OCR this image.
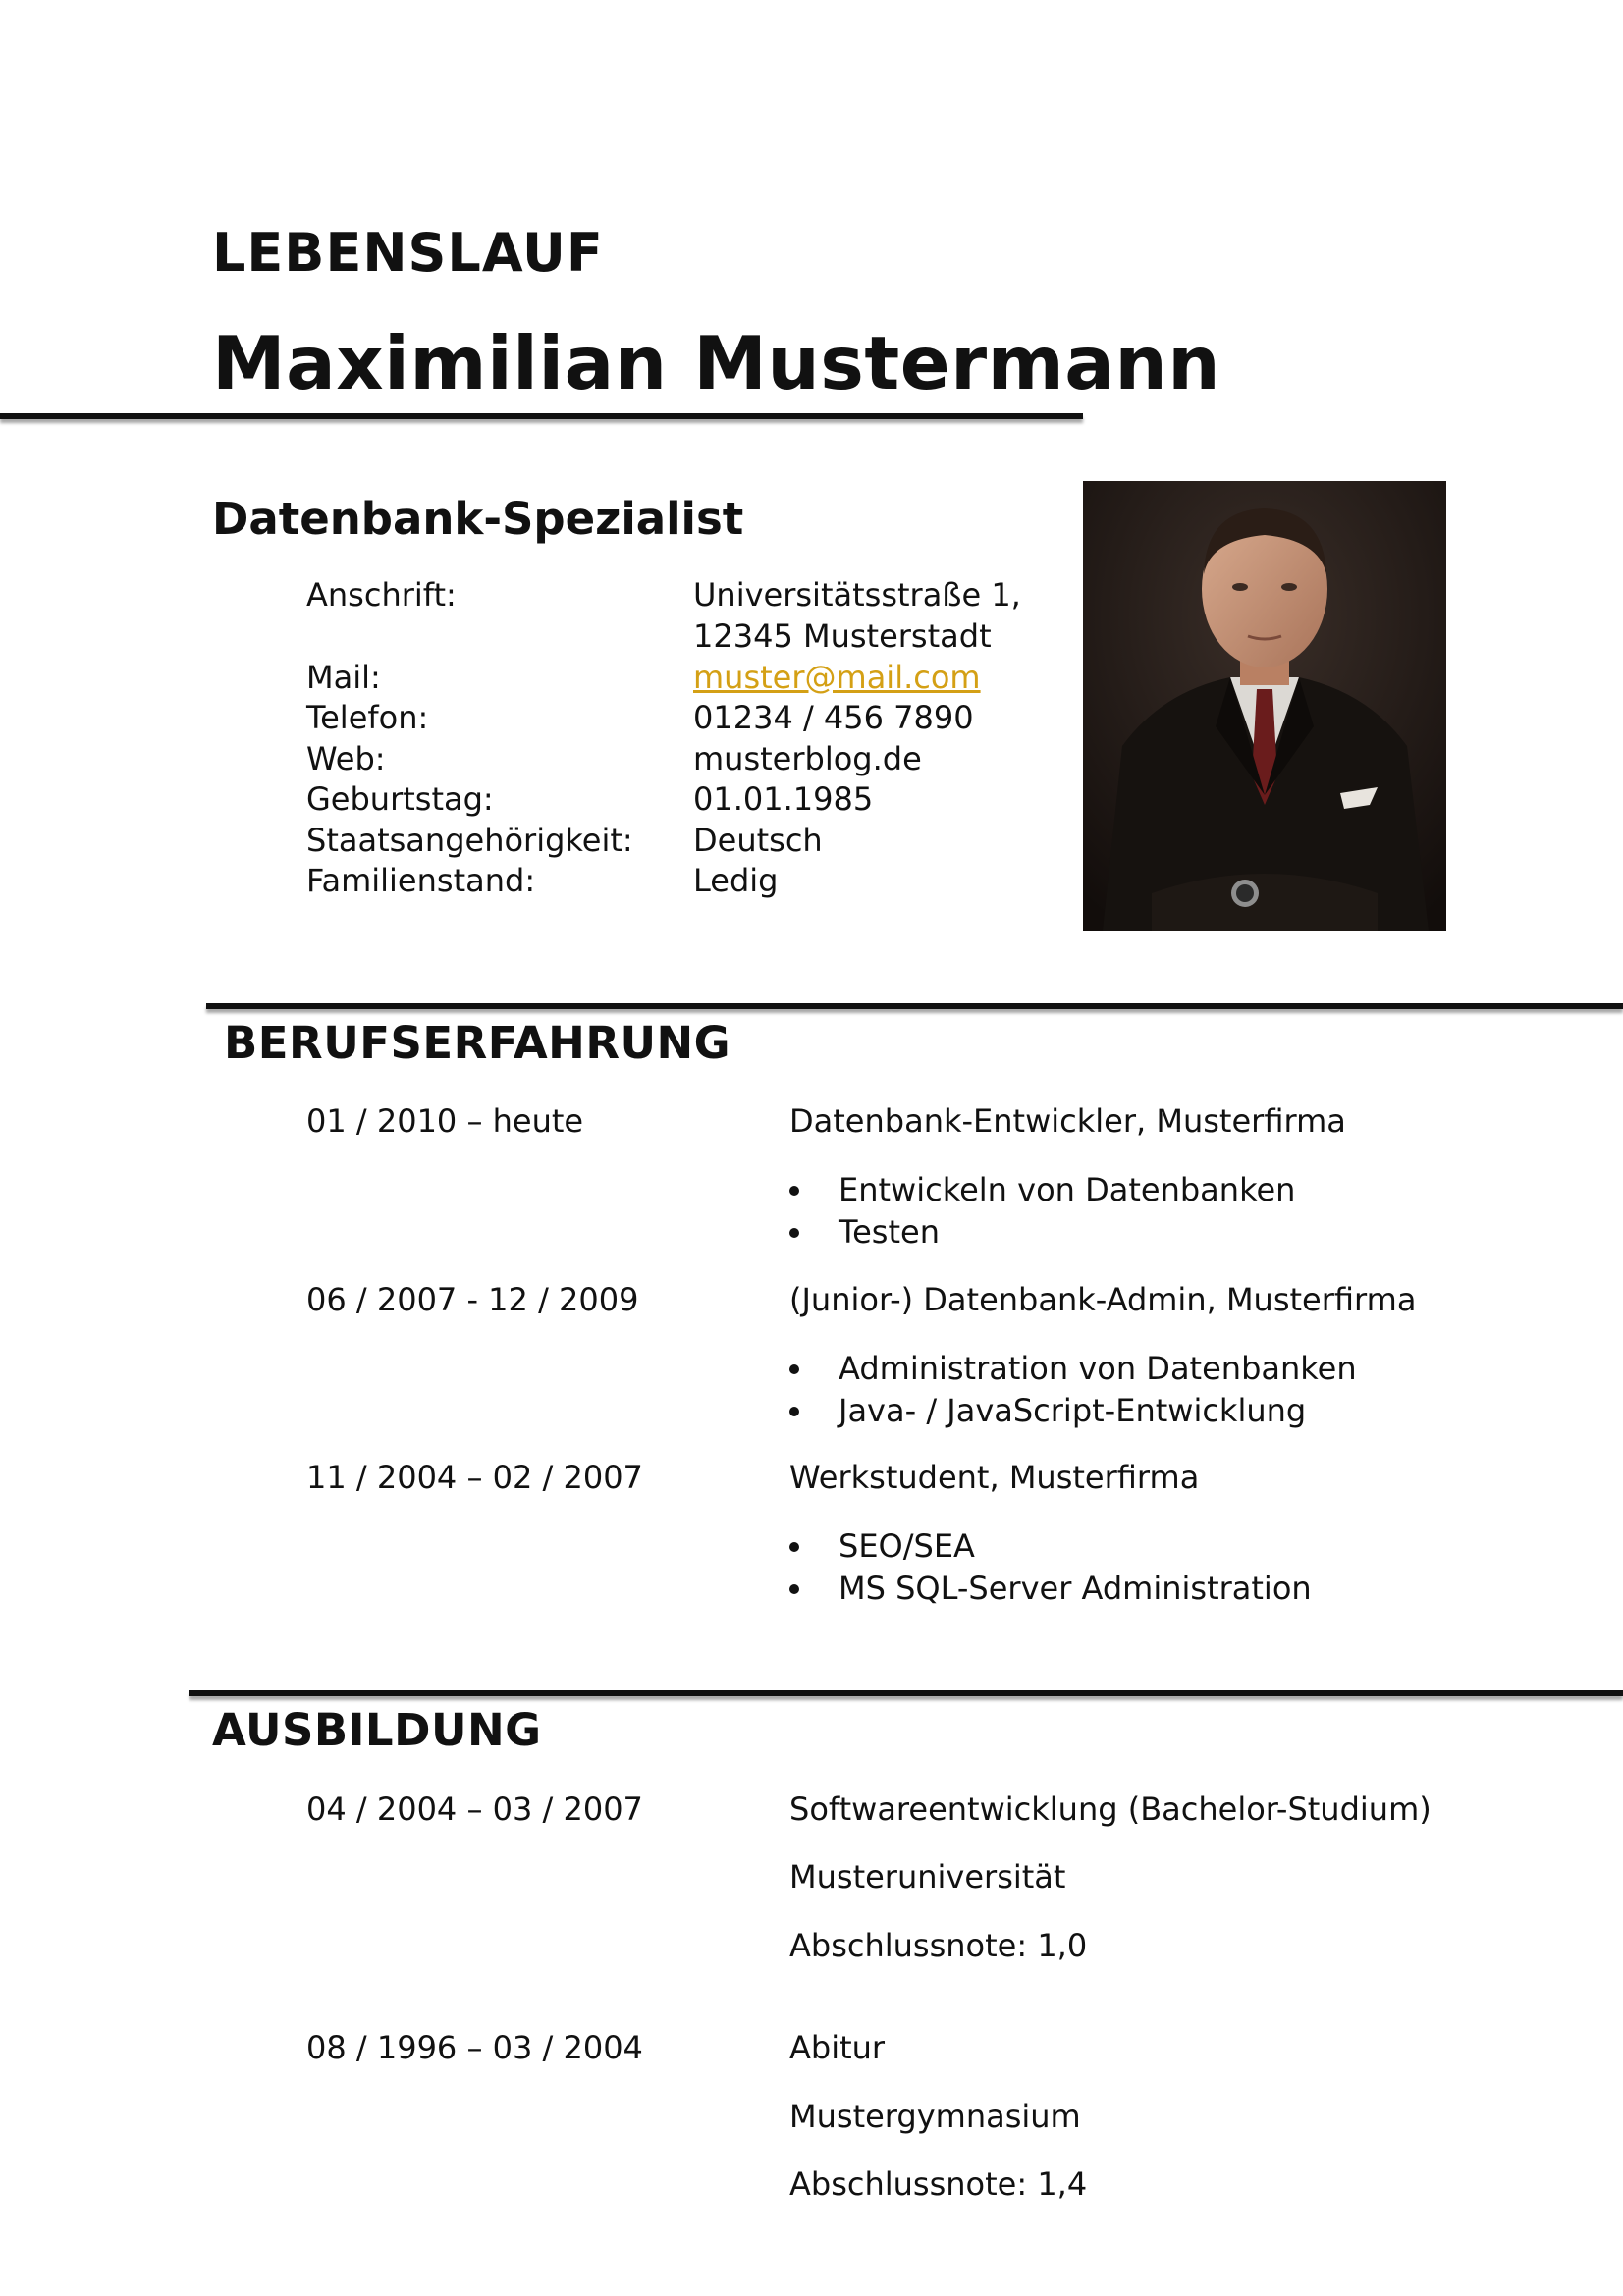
LEBENSLAUF
Maximilian Mustermann
Datenbank-Spezialist
Anschrift:	Universitätsstraße 1,
12345 Musterstadt
Mail:	muster@mail.com
Telefon:	01234 / 456 7890
Web:	musterblog.de
Geburtstag:	01.01.1985
Staatsangehörigkeit: Deutsch
Familienstand:	Ledig
BERUFSERFAHRUNG
01 / 2010 – heute	Datenbank-Entwickler, Musterfirma
Entwickeln von Datenbanken
Testen
06 / 2007 - 12 / 2009	(Junior-) Datenbank-Admin, Musterfirma
Administration von Datenbanken
Java- / JavaScript-Entwicklung
11 / 2004 – 02 / 2007	Werkstudent, Musterfirma
SEO/SEA
MS SQL-Server Administration
AUSBILDUNG
04 / 2004 – 03 / 2007	Softwareentwicklung (Bachelor-Studium)
Musteruniversität
Abschlussnote: 1,0
08 / 1996 – 03 / 2004	Abitur
Mustergymnasium
Abschlussnote: 1,4
